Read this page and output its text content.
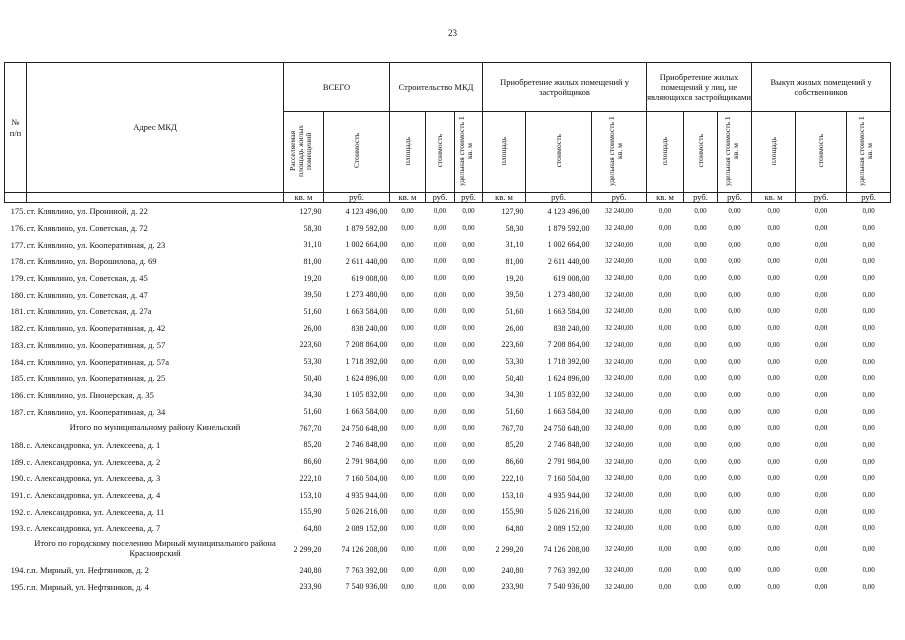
23
№
п/п	Адрес МКД	ВСЕГО		Строительство МКД			Приобретение жилых помещений у застройщиков			Приобретение жилых помещений у лиц, не являющихся застройщиками			Выкуп жилых помещений у собственников		
		Расселяемая площадь жилых помещений	Стоимость	площадь	стоимость	удельная стоимость 1 кв. м	площадь	стоимость	удельная стоимость 1 кв. м	площадь	стоимость	удельная стоимость 1 кв. м	площадь	стоимость	удельная стоимость 1 кв. м
		кв. м	руб.	кв. м	руб.	руб.	кв. м	руб.	руб.	кв. м	руб.	руб.	кв. м	руб.	руб.
175.	ст. Клявлино, ул. Прониной, д. 22	127,90	4 123 496,00	0,00	0,00	0,00	127,90	4 123 496,00	32 240,00	0,00	0,00	0,00	0,00	0,00	0,00
176.	ст. Клявлино, ул. Советская, д. 72	58,30	1 879 592,00	0,00	0,00	0,00	58,30	1 879 592,00	32 240,00	0,00	0,00	0,00	0,00	0,00	0,00
177.	ст. Клявлино, ул. Кооперативная, д. 23	31,10	1 002 664,00	0,00	0,00	0,00	31,10	1 002 664,00	32 240,00	0,00	0,00	0,00	0,00	0,00	0,00
178.	ст. Клявлино, ул. Ворошилова, д. 69	81,00	2 611 440,00	0,00	0,00	0,00	81,00	2 611 440,00	32 240,00	0,00	0,00	0,00	0,00	0,00	0,00
179.	ст. Клявлино, ул. Советская, д. 45	19,20	619 008,00	0,00	0,00	0,00	19,20	619 008,00	32 240,00	0,00	0,00	0,00	0,00	0,00	0,00
180.	ст. Клявлино, ул. Советская, д. 47	39,50	1 273 480,00	0,00	0,00	0,00	39,50	1 273 480,00	32 240,00	0,00	0,00	0,00	0,00	0,00	0,00
181.	ст. Клявлино, ул. Советская, д. 27а	51,60	1 663 584,00	0,00	0,00	0,00	51,60	1 663 584,00	32 240,00	0,00	0,00	0,00	0,00	0,00	0,00
182.	ст. Клявлино, ул. Кооперативная, д. 42	26,00	838 240,00	0,00	0,00	0,00	26,00	838 240,00	32 240,00	0,00	0,00	0,00	0,00	0,00	0,00
183.	ст. Клявлино, ул. Кооперативная, д. 57	223,60	7 208 864,00	0,00	0,00	0,00	223,60	7 208 864,00	32 240,00	0,00	0,00	0,00	0,00	0,00	0,00
184.	ст. Клявлино, ул. Кооперативная, д. 57а	53,30	1 718 392,00	0,00	0,00	0,00	53,30	1 718 392,00	32 240,00	0,00	0,00	0,00	0,00	0,00	0,00
185.	ст. Клявлино, ул. Кооперативная, д. 25	50,40	1 624 896,00	0,00	0,00	0,00	50,40	1 624 896,00	32 240,00	0,00	0,00	0,00	0,00	0,00	0,00
186.	ст. Клявлино, ул. Пионерская, д. 35	34,30	1 105 832,00	0,00	0,00	0,00	34,30	1 105 832,00	32 240,00	0,00	0,00	0,00	0,00	0,00	0,00
187.	ст. Клявлино, ул. Кооперативная, д. 34	51,60	1 663 584,00	0,00	0,00	0,00	51,60	1 663 584,00	32 240,00	0,00	0,00	0,00	0,00	0,00	0,00
	Итого по муниципальному району Кинельский	767,70	24 750 648,00	0,00	0,00	0,00	767,70	24 750 648,00	32 240,00	0,00	0,00	0,00	0,00	0,00	0,00
188.	с. Александровка, ул. Алексеева, д. 1	85,20	2 746 848,00	0,00	0,00	0,00	85,20	2 746 848,00	32 240,00	0,00	0,00	0,00	0,00	0,00	0,00
189.	с. Александровка, ул. Алексеева, д. 2	86,60	2 791 984,00	0,00	0,00	0,00	86,60	2 791 984,00	32 240,00	0,00	0,00	0,00	0,00	0,00	0,00
190.	с. Александровка, ул. Алексеева, д. 3	222,10	7 160 504,00	0,00	0,00	0,00	222,10	7 160 504,00	32 240,00	0,00	0,00	0,00	0,00	0,00	0,00
191.	с. Александровка, ул. Алексеева, д. 4	153,10	4 935 944,00	0,00	0,00	0,00	153,10	4 935 944,00	32 240,00	0,00	0,00	0,00	0,00	0,00	0,00
192.	с. Александровка, ул. Алексеева, д. 11	155,90	5 026 216,00	0,00	0,00	0,00	155,90	5 026 216,00	32 240,00	0,00	0,00	0,00	0,00	0,00	0,00
193.	с. Александровка, ул. Алексеева, д. 7	64,80	2 089 152,00	0,00	0,00	0,00	64,80	2 089 152,00	32 240,00	0,00	0,00	0,00	0,00	0,00	0,00
	Итого по городскому поселению Мирный муниципального района Красноярский	2 299,20	74 126 208,00	0,00	0,00	0,00	2 299,20	74 126 208,00	32 240,00	0,00	0,00	0,00	0,00	0,00	0,00
194.	г.п. Мирный, ул. Нефтяников, д. 2	240,80	7 763 392,00	0,00	0,00	0,00	240,80	7 763 392,00	32 240,00	0,00	0,00	0,00	0,00	0,00	0,00
195.	г.п. Мирный, ул. Нефтяников, д. 4	233,90	7 540 936,00	0,00	0,00	0,00	233,90	7 540 936,00	32 240,00	0,00	0,00	0,00	0,00	0,00	0,00
